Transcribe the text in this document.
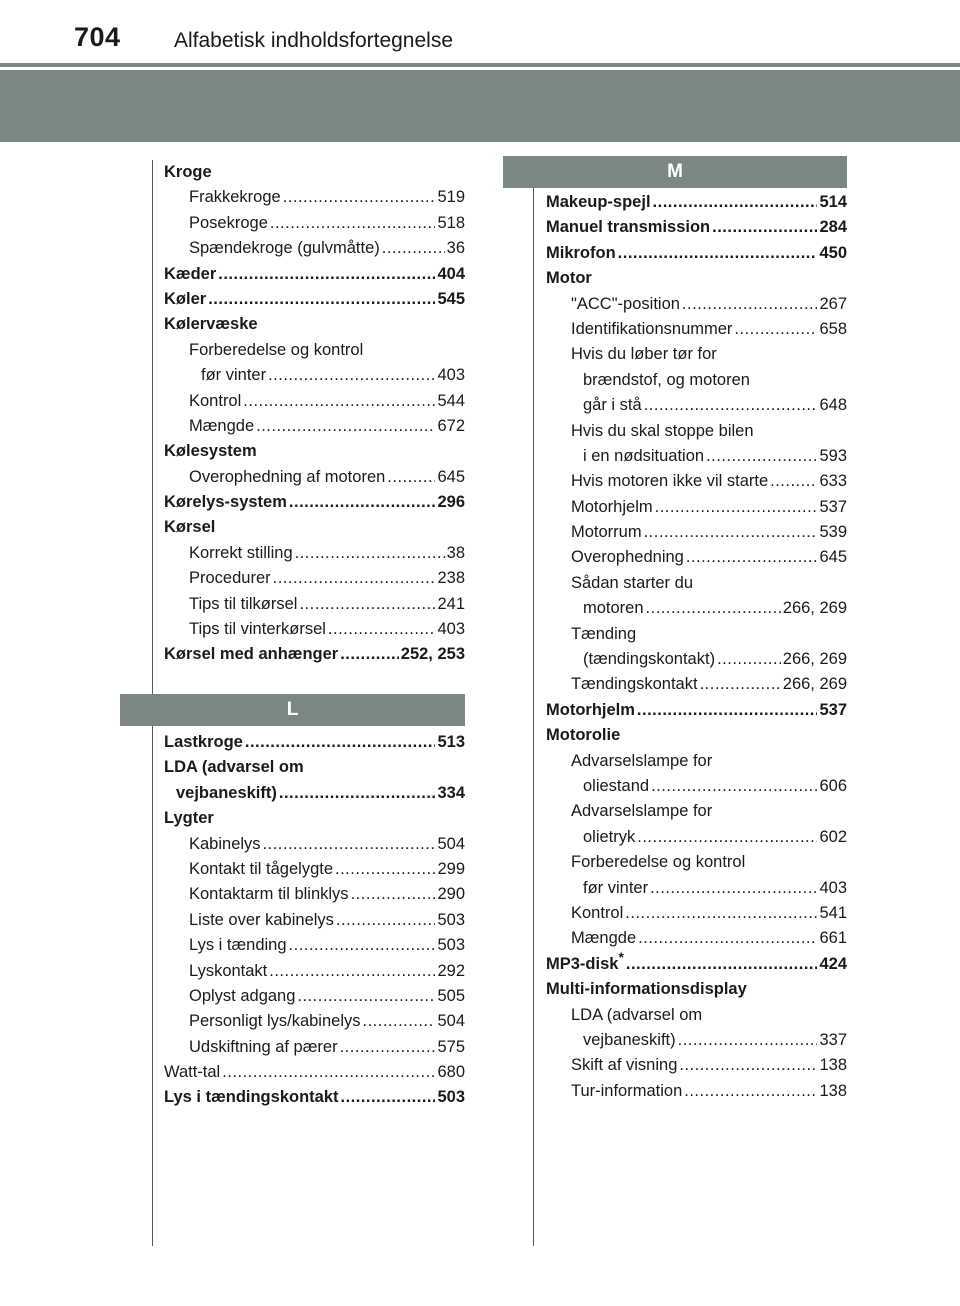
704	Alfabetisk indholdsfortegnelse
Kroge
Frakkekroge .....	519
Posekroge .....	518
Spændekroge (gulvmåtte) .....	36
Kæder .....	404
Køler .....	545
Kølervæske
Forberedelse og kontrol
før vinter .....	403
Kontrol .....	544
Mængde .....	672
Kølesystem
Overophedning af motoren .....	645
Kørelys-system .....	296
Kørsel
Korrekt stilling .....	38
Procedurer .....	238
Tips til tilkørsel .....	241
Tips til vinterkørsel .....	403
Kørsel med anhænger .....	252, 253
L
Lastkroge .....	513
LDA (advarsel om
vejbaneskift) .....	334
Lygter
Kabinelys .....	504
Kontakt til tågelygte .....	299
Kontaktarm til blinklys .....	290
Liste over kabinelys .....	503
Lys i tænding .....	503
Lyskontakt .....	292
Oplyst adgang .....	505
Personligt lys/kabinelys .....	504
Udskiftning af pærer .....	575
Watt-tal .....	680
Lys i tændingskontakt .....	503
M
Makeup-spejl .....	514
Manuel transmission .....	284
Mikrofon .....	450
Motor
"ACC"-position .....	267
Identifikationsnummer .....	658
Hvis du løber tør for
brændstof, og motoren
går i stå .....	648
Hvis du skal stoppe bilen
i en nødsituation .....	593
Hvis motoren ikke vil starte .....	633
Motorhjelm .....	537
Motorrum .....	539
Overophedning .....	645
Sådan starter du
motoren .....	266, 269
Tænding
(tændingskontakt) .....	266, 269
Tændingskontakt .....	266, 269
Motorhjelm .....	537
Motorolie
Advarselslampe for
oliestand .....	606
Advarselslampe for
olietryk .....	602
Forberedelse og kontrol
før vinter .....	403
Kontrol .....	541
Mængde .....	661
MP3-disk* .....	424
Multi-informationsdisplay
LDA (advarsel om
vejbaneskift) .....	337
Skift af visning .....	138
Tur-information .....	138
